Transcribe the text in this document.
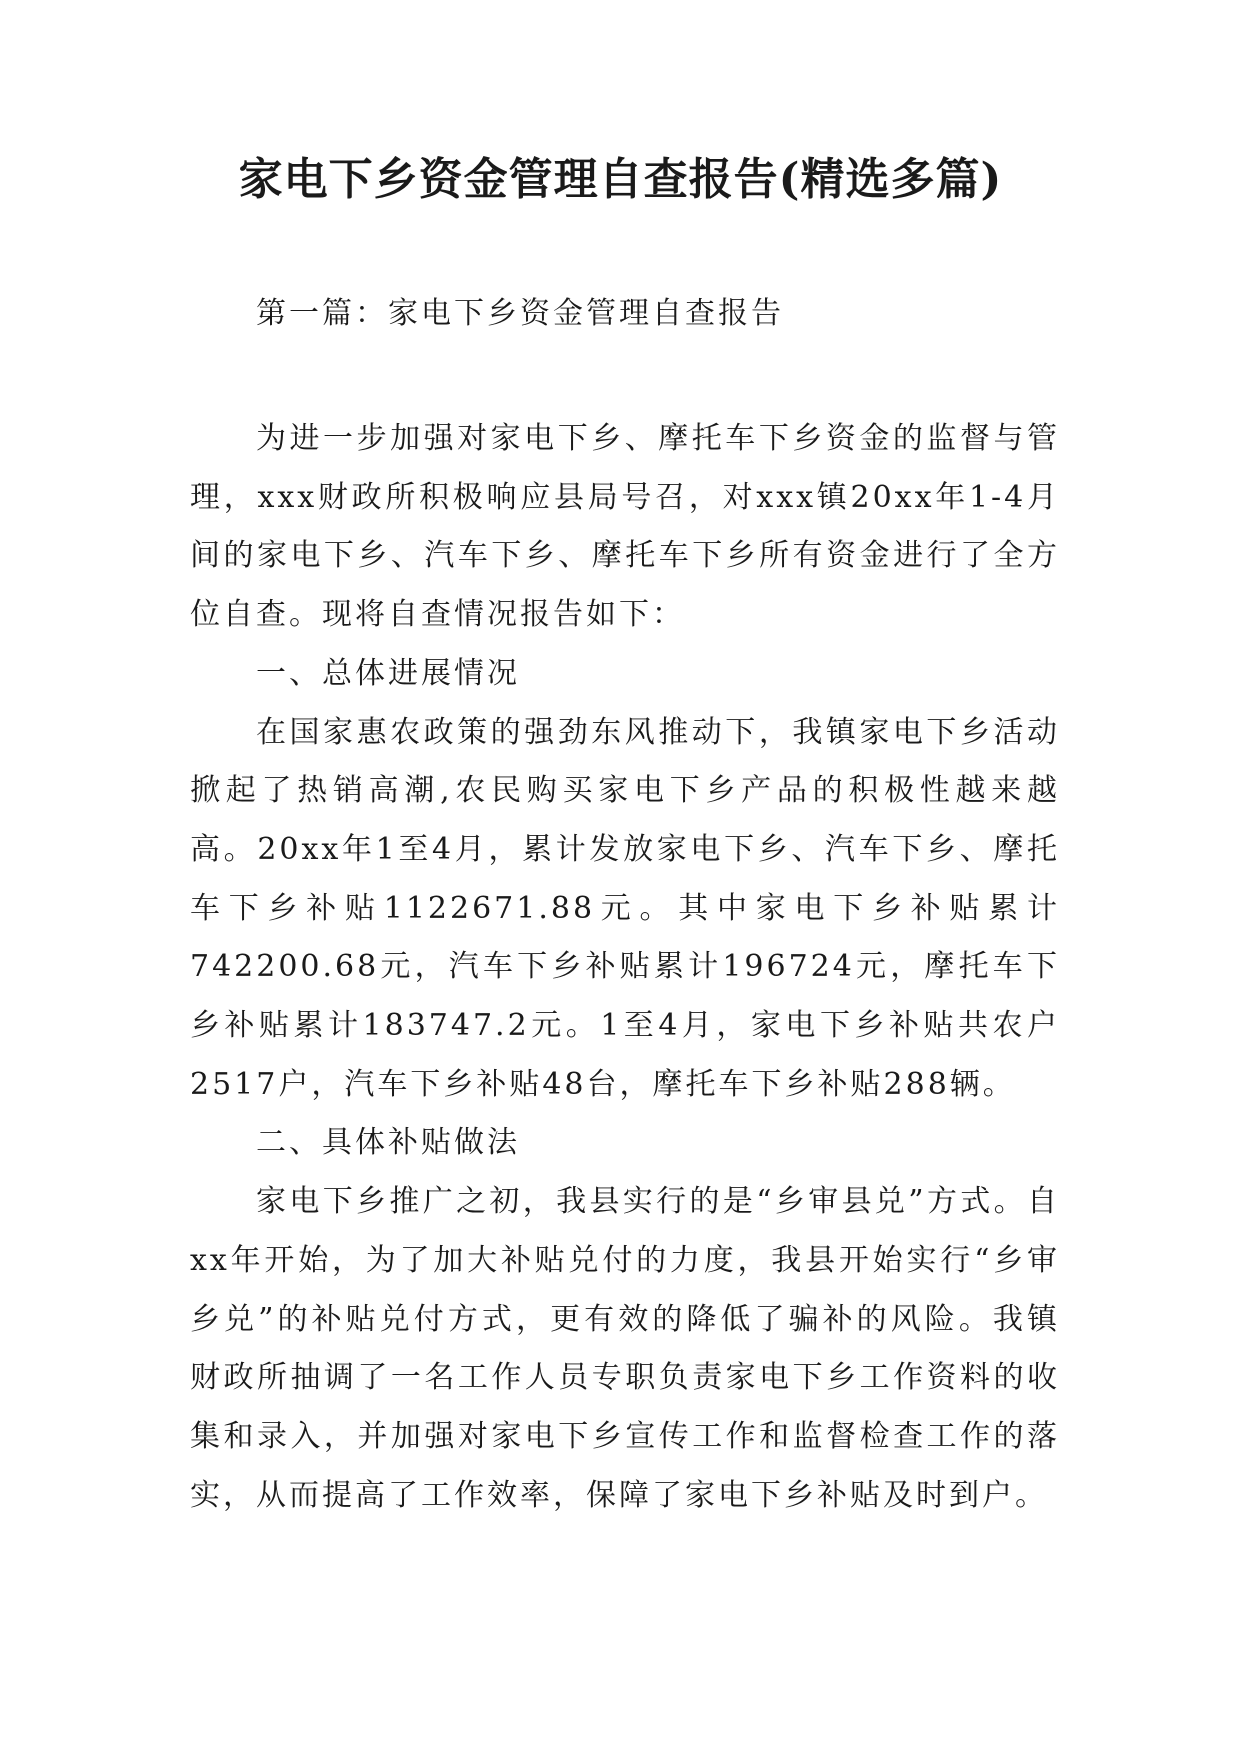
家电下乡资金管理自查报告(精选多篇)
第一篇：家电下乡资金管理自查报告

为进一步加强对家电下乡、摩托车下乡资金的监督与管理，xxx财政所积极响应县局号召，对xxx镇20xx年1-4月间的家电下乡、汽车下乡、摩托车下乡所有资金进行了全方位自查。现将自查情况报告如下：

一、总体进展情况

在国家惠农政策的强劲东风推动下，我镇家电下乡活动掀起了热销高潮,农民购买家电下乡产品的积极性越来越高。20xx年1至4月，累计发放家电下乡、汽车下乡、摩托车下乡补贴1122671.88元。其中家电下乡补贴累计742200.68元，汽车下乡补贴累计196724元，摩托车下乡补贴累计183747.2元。1至4月，家电下乡补贴共农户2517户，汽车下乡补贴48台，摩托车下乡补贴288辆。

二、具体补贴做法

家电下乡推广之初，我县实行的是“乡审县兑”方式。自xx年开始，为了加大补贴兑付的力度，我县开始实行“乡审乡兑”的补贴兑付方式，更有效的降低了骗补的风险。我镇财政所抽调了一名工作人员专职负责家电下乡工作资料的收集和录入，并加强对家电下乡宣传工作和监督检查工作的落实，从而提高了工作效率，保障了家电下乡补贴及时到户。
